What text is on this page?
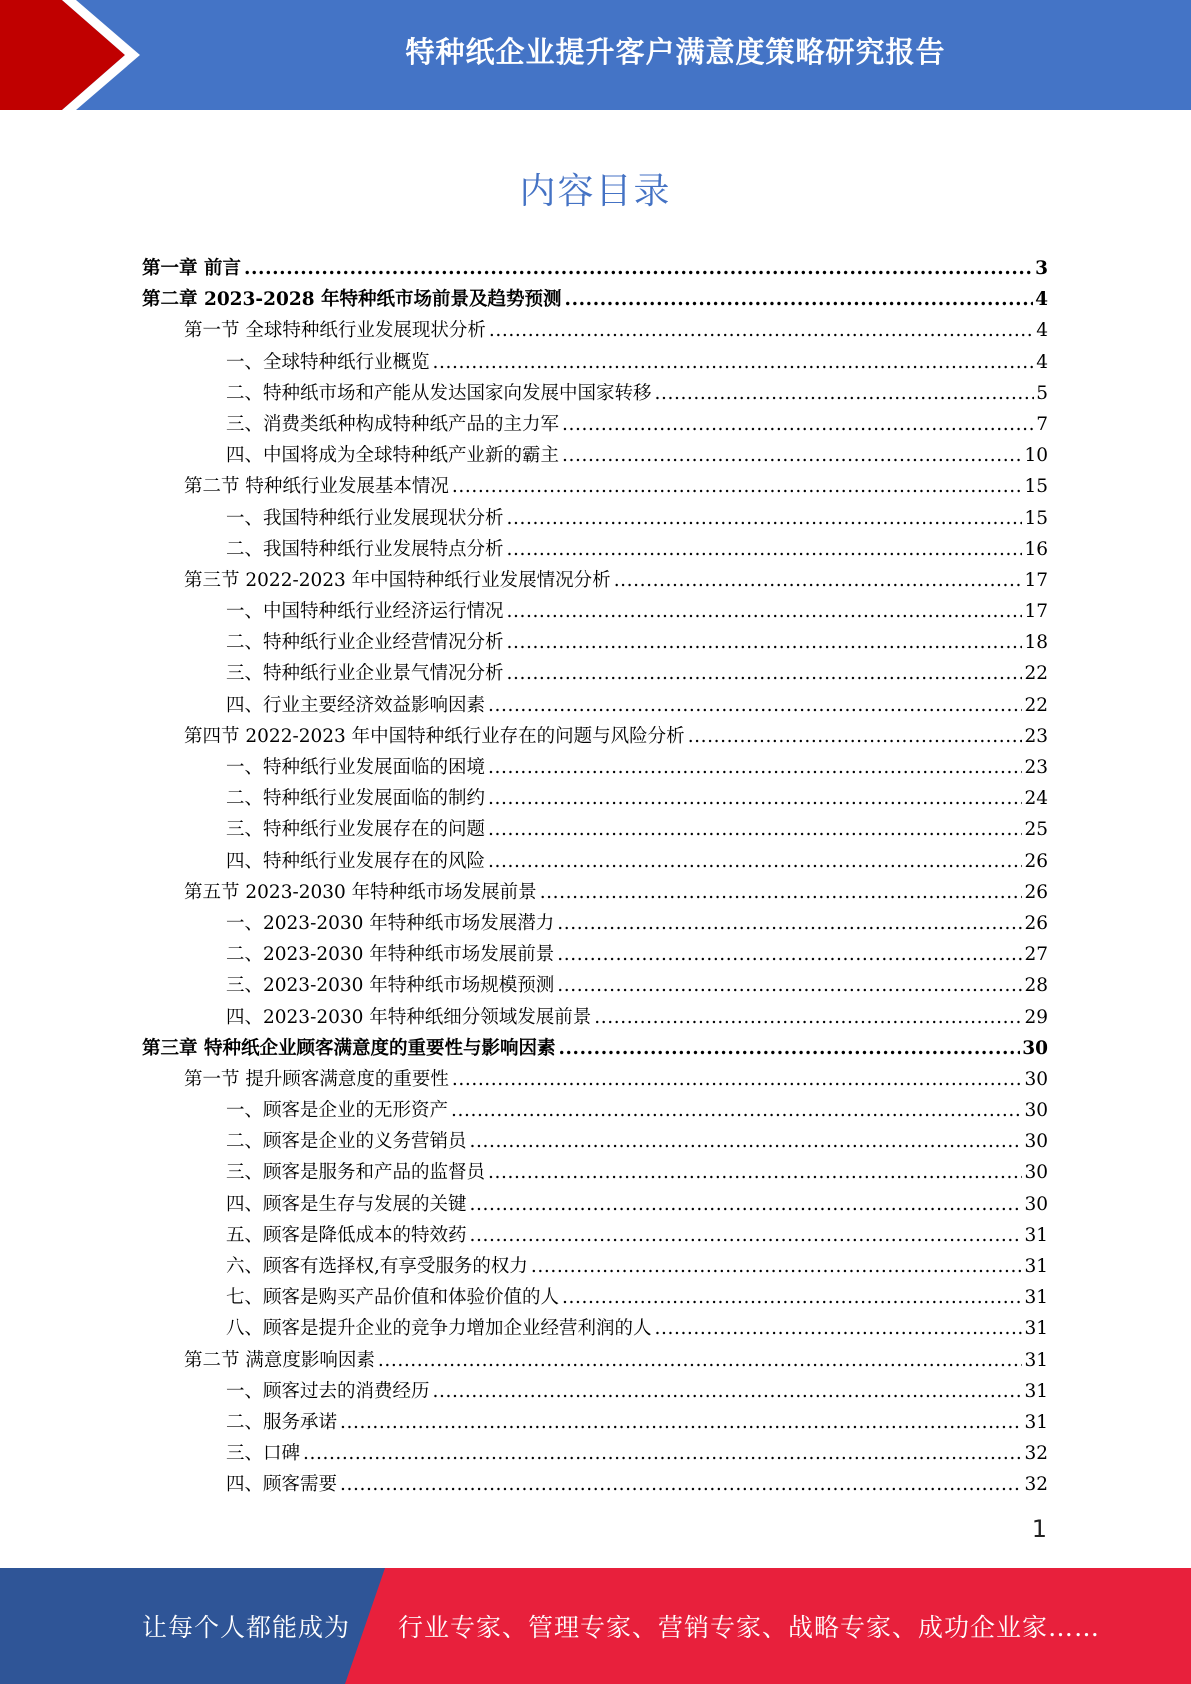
特种纸企业提升客户满意度策略研究报告
内容目录
第一章 前言 .....	3
第二章 2023-2028 年特种纸市场前景及趋势预测 .....	4
第一节 全球特种纸行业发展现状分析 .....	4
一、全球特种纸行业概览 .....	4
二、特种纸市场和产能从发达国家向发展中国家转移 .....	5
三、消费类纸种构成特种纸产品的主力军 .....	7
四、中国将成为全球特种纸产业新的霸主 .....	10
第二节 特种纸行业发展基本情况 .....	15
一、我国特种纸行业发展现状分析 .....	15
二、我国特种纸行业发展特点分析 .....	16
第三节 2022-2023 年中国特种纸行业发展情况分析 .....	17
一、中国特种纸行业经济运行情况 .....	17
二、特种纸行业企业经营情况分析 .....	18
三、特种纸行业企业景气情况分析 .....	22
四、行业主要经济效益影响因素 .....	22
第四节 2022-2023 年中国特种纸行业存在的问题与风险分析 .....	23
一、特种纸行业发展面临的困境 .....	23
二、特种纸行业发展面临的制约 .....	24
三、特种纸行业发展存在的问题 .....	25
四、特种纸行业发展存在的风险 .....	26
第五节 2023-2030 年特种纸市场发展前景 .....	26
一、2023-2030 年特种纸市场发展潜力 .....	26
二、2023-2030 年特种纸市场发展前景 .....	27
三、2023-2030 年特种纸市场规模预测 .....	28
四、2023-2030 年特种纸细分领域发展前景 .....	29
第三章 特种纸企业顾客满意度的重要性与影响因素 .....	30
第一节 提升顾客满意度的重要性 .....	30
一、顾客是企业的无形资产 .....	30
二、顾客是企业的义务营销员 .....	30
三、顾客是服务和产品的监督员 .....	30
四、顾客是生存与发展的关键 .....	30
五、顾客是降低成本的特效药 .....	31
六、顾客有选择权,有享受服务的权力 .....	31
七、顾客是购买产品价值和体验价值的人 .....	31
八、顾客是提升企业的竞争力增加企业经营利润的人 .....	31
第二节 满意度影响因素 .....	31
一、顾客过去的消费经历 .....	31
二、服务承诺 .....	31
三、口碑 .....	32
四、顾客需要 .....	32
1
让每个人都能成为 行业专家、管理专家、营销专家、战略专家、成功企业家……
